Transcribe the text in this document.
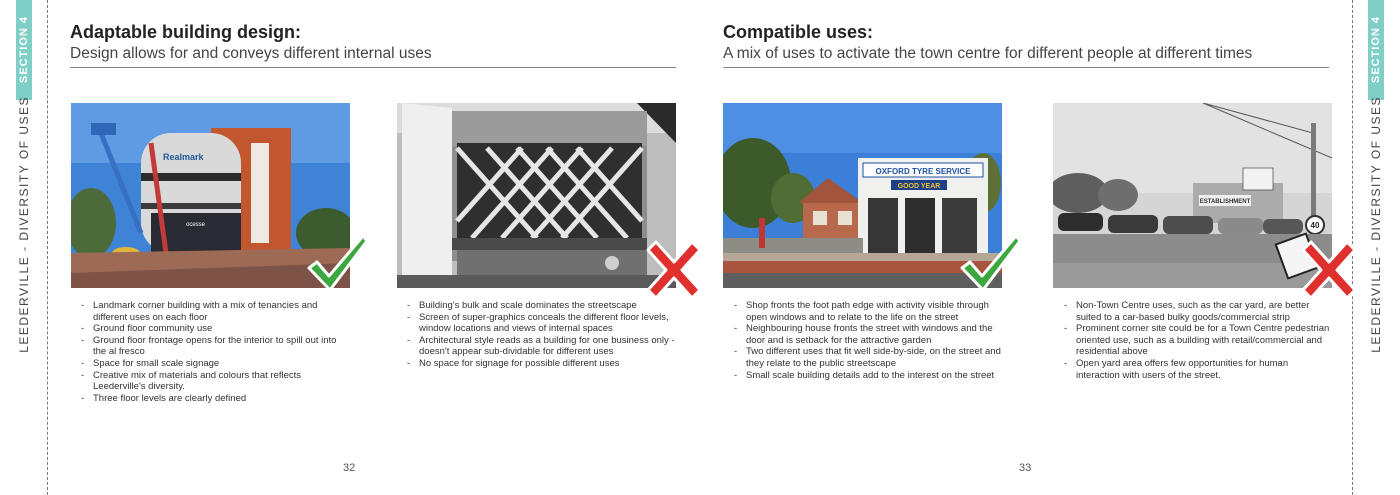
SECTION 4
LEEDERVILLE - DIVERSITY OF USES
SECTION 4
LEEDERVILLE - DIVERSITY OF USES
Adaptable building design:

Design allows for and conveys different internal uses

Compatible uses:

A mix of uses to activate the town centre for different people at different times

Realmark
ocesse
OXFORD TYRE SERVICE
GOOD YEAR
ESTABLISHMENT
40
- Landmark corner building with a mix of tenancies and different uses on each floor
- Ground floor community use
- Ground floor frontage opens for the interior to spill out into the al fresco
- Space for small scale signage
- Creative mix of materials and colours that reflects Leederville's diversity.
- Three floor levels are clearly defined
- Building's bulk and scale dominates the streetscape
- Screen of super-graphics conceals the different floor levels, window locations and views of internal spaces
- Architectural style reads as a building for one business only - doesn't appear sub-dividable for different uses
- No space for signage for possible different uses
- Shop fronts the foot path edge with activity visible through open windows and to relate to the life on the street
- Neighbouring house fronts the street with windows and the door and is setback for the attractive garden
- Two different uses that fit well side-by-side, on the street and they relate to the public streetscape
- Small scale building details add to the interest on the street
- Non-Town Centre uses, such as the car yard, are better suited to a car-based bulky goods/commercial strip
- Prominent corner site could be for a Town Centre pedestrian oriented use, such as a building with retail/commercial and residential above
- Open yard area offers few opportunities for human interaction with users of the street.
32	33
